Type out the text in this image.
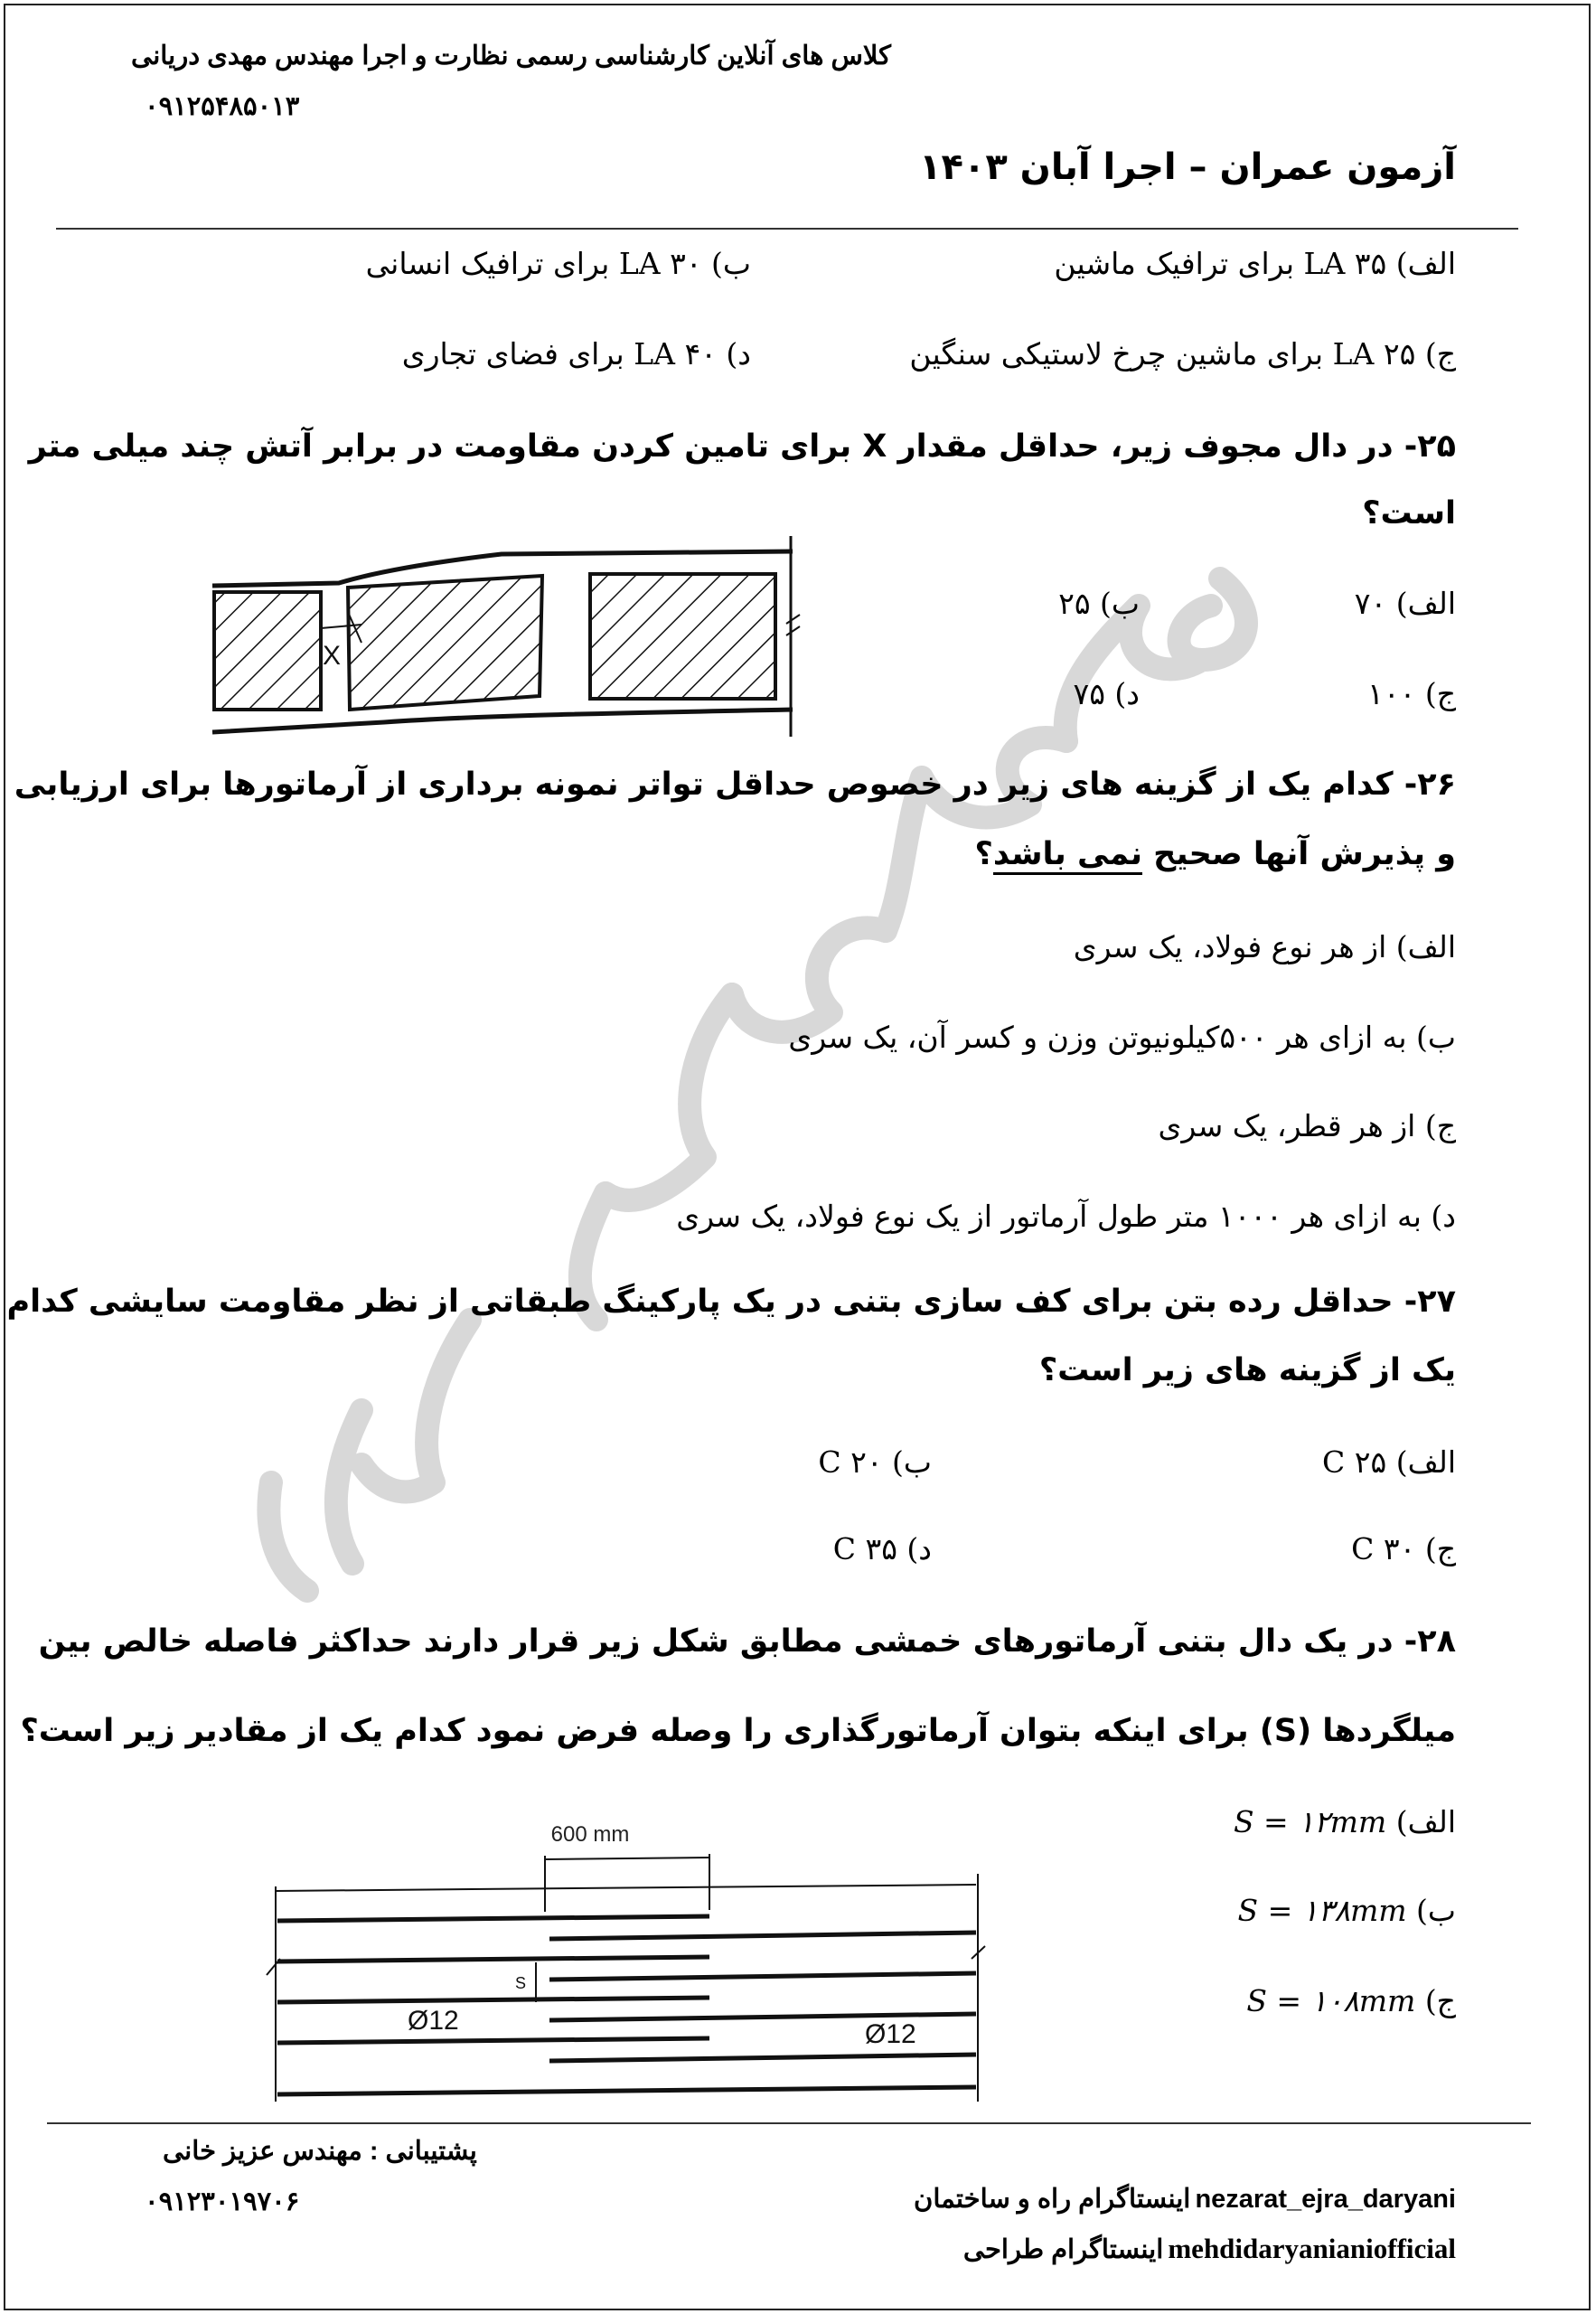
کلاس های آنلاین کارشناسی رسمی نظارت و اجرا مهندس مهدی دریانی
۰۹۱۲۵۴۸۵۰۱۳
آزمون عمران – اجرا آبان ۱۴۰۳
الف) ۳۵ LA برای ترافیک ماشین
ب) ۳۰ LA برای ترافیک انسانی
ج) ۲۵ LA برای ماشین چرخ لاستیکی سنگین
د) ۴۰ LA برای فضای تجاری
۲۵- در دال مجوف زیر، حداقل مقدار X برای تامین کردن مقاومت در برابر آتش چند میلی متر
است؟
X
الف) ۷۰
ب) ۲۵
ج) ۱۰۰
د) ۷۵
۲۶- کدام یک از گزینه های زیر در خصوص حداقل تواتر نمونه برداری از آرماتورها برای ارزیابی
و پذیرش آنها صحیح نمی باشد؟
الف) از هر نوع فولاد، یک سری
ب) به ازای هر ۵۰۰کیلونیوتن وزن و کسر آن، یک سری
ج) از هر قطر، یک سری
د) به ازای هر ۱۰۰۰ متر طول آرماتور از یک نوع فولاد، یک سری
۲۷- حداقل رده بتن برای کف سازی بتنی در یک پارکینگ طبقاتی از نظر مقاومت سایشی کدام
یک از گزینه های زیر است؟
الف) C ۲۵
ب) C ۲۰
ج) C ۳۰
د) C ۳۵
۲۸- در یک دال بتنی آرماتورهای خمشی مطابق شکل زیر قرار دارند حداکثر فاصله خالص بین
میلگردها (S) برای اینکه بتوان آرماتورگذاری را وصله فرض نمود کدام یک از مقادیر زیر است؟
600 mm
Ø12	Ø12
S
الف) S = ۱۲mm
ب) S = ۱۳۸mm
ج) S = ۱۰۸mm
پشتیبانی : مهندس عزیز خانی
۰۹۱۲۳۰۱۹۷۰۶	nezarat_ejra_daryani اینستاگرام راه و ساختمان
mehdidaryanianiofficial اینستاگرام طراحی
